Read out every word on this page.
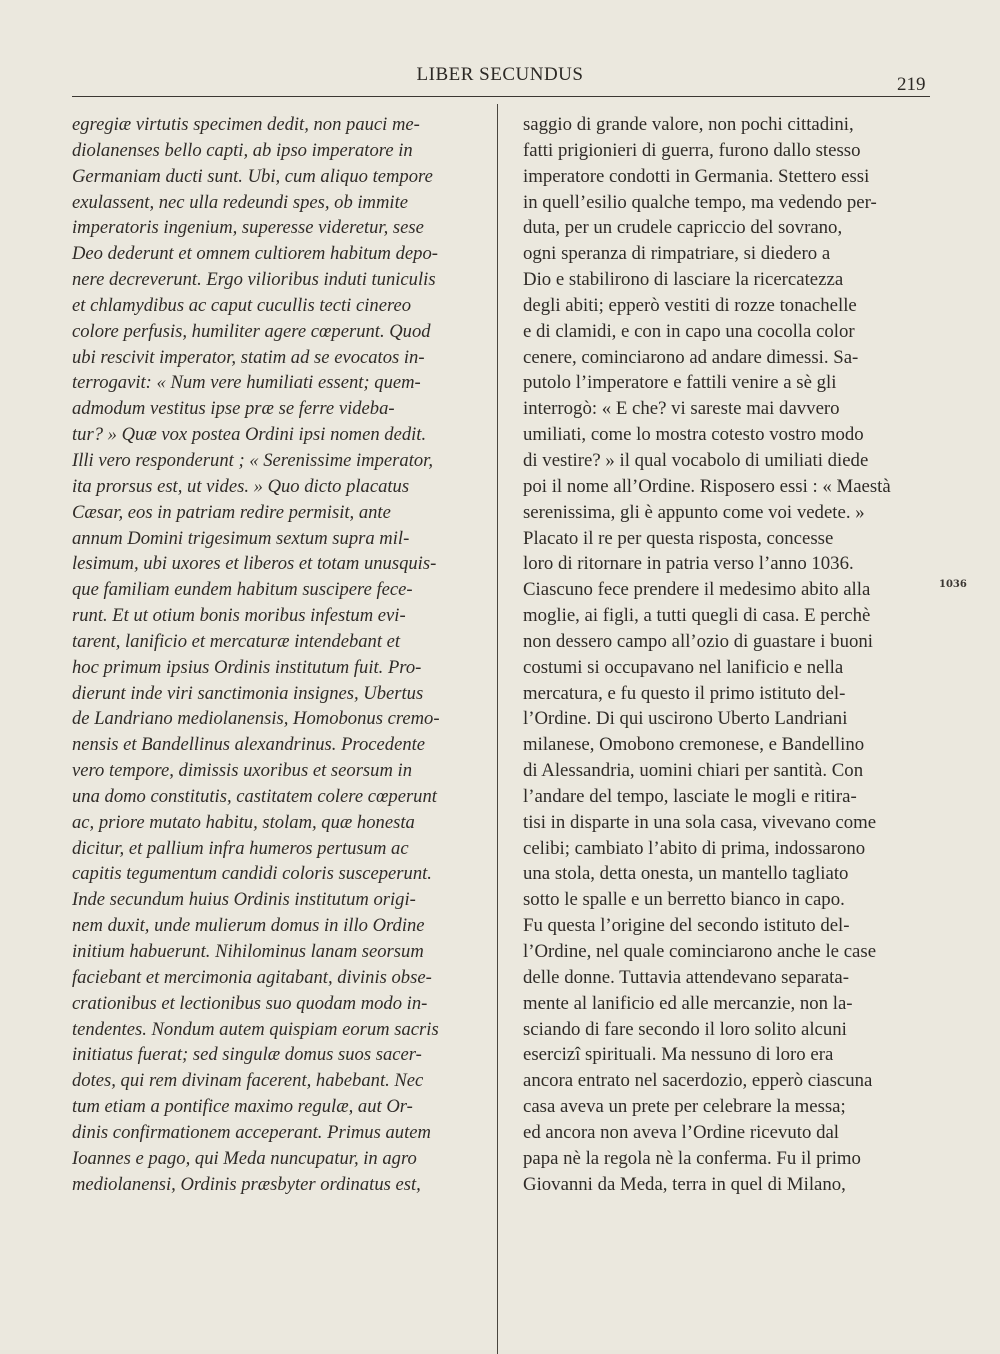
LIBER SECUNDUS	219
egregiæ virtutis specimen dedit, non pauci me-
diolanenses bello capti, ab ipso imperatore in
Germaniam ducti sunt. Ubi, cum aliquo tempore
exulassent, nec ulla redeundi spes, ob immite
imperatoris ingenium, superesse videretur, sese
Deo dederunt et omnem cultiorem habitum depo-
nere decreverunt. Ergo vilioribus induti tuniculis
et chlamydibus ac caput cucullis tecti cinereo
colore perfusis, humiliter agere cœperunt. Quod
ubi rescivit imperator, statim ad se evocatos in-
terrogavit: « Num vere humiliati essent; quem-
admodum vestitus ipse præ se ferre videba-
tur? » Quæ vox postea Ordini ipsi nomen dedit.
Illi vero responderunt ; « Serenissime imperator,
ita prorsus est, ut vides. » Quo dicto placatus
Cæsar, eos in patriam redire permisit, ante
annum Domini trigesimum sextum supra mil-
lesimum, ubi uxores et liberos et totam unusquis-
que familiam eundem habitum suscipere fece-
runt. Et ut otium bonis moribus infestum evi-
tarent, lanificio et mercaturæ intendebant et
hoc primum ipsius Ordinis institutum fuit. Pro-
dierunt inde viri sanctimonia insignes, Ubertus
de Landriano mediolanensis, Homobonus cremo-
nensis et Bandellinus alexandrinus. Procedente
vero tempore, dimissis uxoribus et seorsum in
una domo constitutis, castitatem colere cœperunt
ac, priore mutato habitu, stolam, quæ honesta
dicitur, et pallium infra humeros pertusum ac
capitis tegumentum candidi coloris susceperunt.
Inde secundum huius Ordinis institutum origi-
nem duxit, unde mulierum domus in illo Ordine
initium habuerunt. Nihilominus lanam seorsum
faciebant et mercimonia agitabant, divinis obse-
crationibus et lectionibus suo quodam modo in-
tendentes. Nondum autem quispiam eorum sacris
initiatus fuerat; sed singulæ domus suos sacer-
dotes, qui rem divinam facerent, habebant. Nec
tum etiam a pontifice maximo regulæ, aut Or-
dinis confirmationem acceperant. Primus autem
Ioannes e pago, qui Meda nuncupatur, in agro
mediolanensi, Ordinis præsbyter ordinatus est,
saggio di grande valore, non pochi cittadini,
fatti prigionieri di guerra, furono dallo stesso
imperatore condotti in Germania. Stettero essi
in quell’esilio qualche tempo, ma vedendo per-
duta, per un crudele capriccio del sovrano,
ogni speranza di rimpatriare, si diedero a
Dio e stabilirono di lasciare la ricercatezza
degli abiti; epperò vestiti di rozze tonachelle
e di clamidi, e con in capo una cocolla color
cenere, cominciarono ad andare dimessi. Sa-
putolo l’imperatore e fattili venire a sè gli
interrogò: « E che? vi sareste mai davvero
umiliati, come lo mostra cotesto vostro modo
di vestire? » il qual vocabolo di umiliati diede
poi il nome all’Ordine. Risposero essi : « Maestà
serenissima, gli è appunto come voi vedete. »
Placato il re per questa risposta, concesse
loro di ritornare in patria verso l’anno 1036.
Ciascuno fece prendere il medesimo abito alla
moglie, ai figli, a tutti quegli di casa. E perchè
non dessero campo all’ozio di guastare i buoni
costumi si occupavano nel lanificio e nella
mercatura, e fu questo il primo istituto del-
l’Ordine. Di qui uscirono Uberto Landriani
milanese, Omobono cremonese, e Bandellino
di Alessandria, uomini chiari per santità. Con
l’andare del tempo, lasciate le mogli e ritira-
tisi in disparte in una sola casa, vivevano come
celibi; cambiato l’abito di prima, indossarono
una stola, detta onesta, un mantello tagliato
sotto le spalle e un berretto bianco in capo.
Fu questa l’origine del secondo istituto del-
l’Ordine, nel quale cominciarono anche le case
delle donne. Tuttavia attendevano separata-
mente al lanificio ed alle mercanzie, non la-
sciando di fare secondo il loro solito alcuni
esercizî spirituali. Ma nessuno di loro era
ancora entrato nel sacerdozio, epperò ciascuna
casa aveva un prete per celebrare la messa;
ed ancora non aveva l’Ordine ricevuto dal
papa nè la regola nè la conferma. Fu il primo
Giovanni da Meda, terra in quel di Milano,
1036
